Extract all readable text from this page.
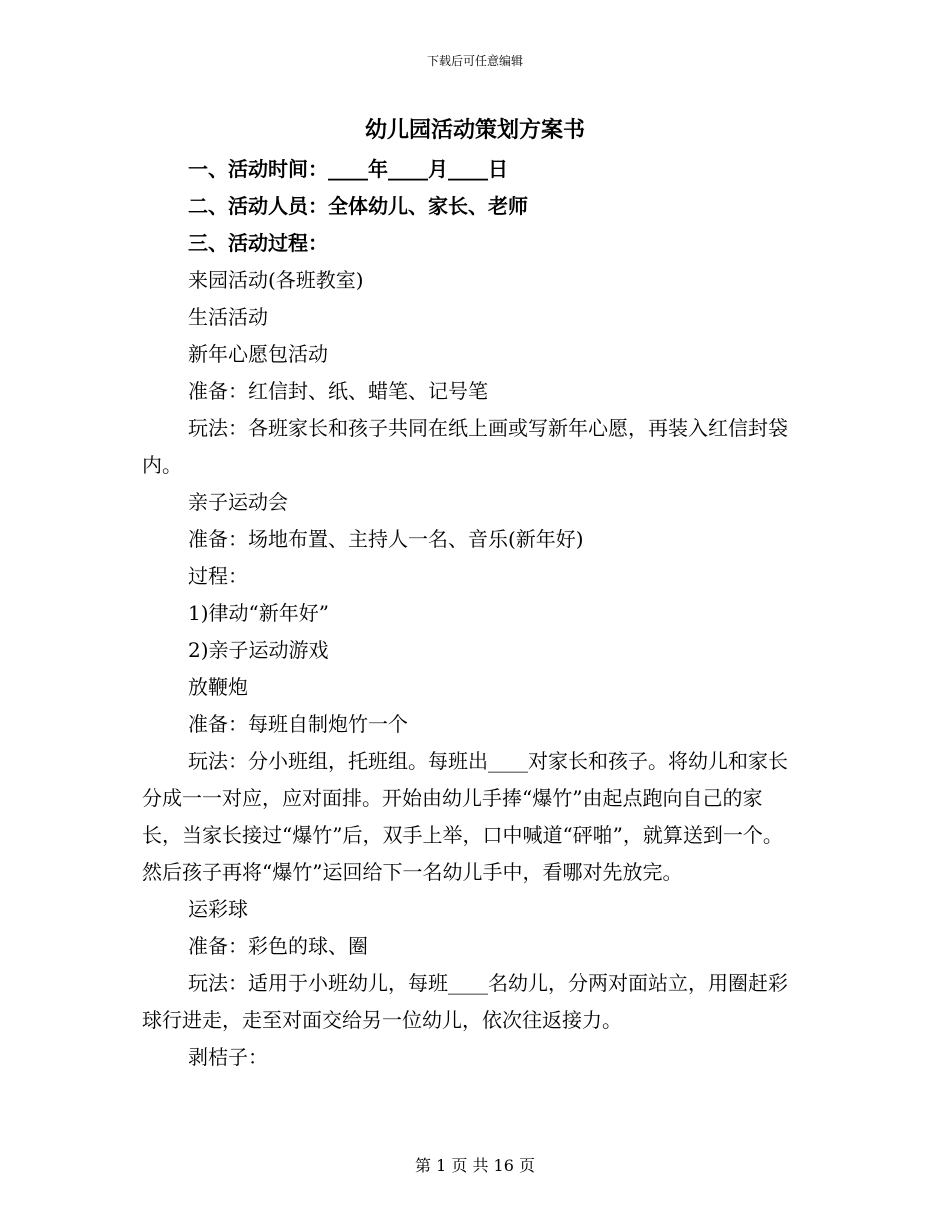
下载后可任意编辑
幼儿园活动策划方案书

一、活动时间：____年____月____日

二、活动人员：全体幼儿、家长、老师

三、活动过程：

来园活动(各班教室)

生活活动

新年心愿包活动

准备：红信封、纸、蜡笔、记号笔

玩法：各班家长和孩子共同在纸上画或写新年心愿，再装入红信封袋内。

亲子运动会

准备：场地布置、主持人一名、音乐(新年好)

过程：

1)律动“新年好”

2)亲子运动游戏

放鞭炮

准备：每班自制炮竹一个

玩法：分小班组，托班组。每班出____对家长和孩子。将幼儿和家长分成一一对应，应对面排。开始由幼儿手捧“爆竹”由起点跑向自己的家长，当家长接过“爆竹”后，双手上举，口中喊道“砰啪”，就算送到一个。然后孩子再将“爆竹”运回给下一名幼儿手中，看哪对先放完。

运彩球

准备：彩色的球、圈

玩法：适用于小班幼儿，每班____名幼儿，分两对面站立，用圈赶彩球行进走，走至对面交给另一位幼儿，依次往返接力。

剥桔子：

第 1 页 共 16 页
